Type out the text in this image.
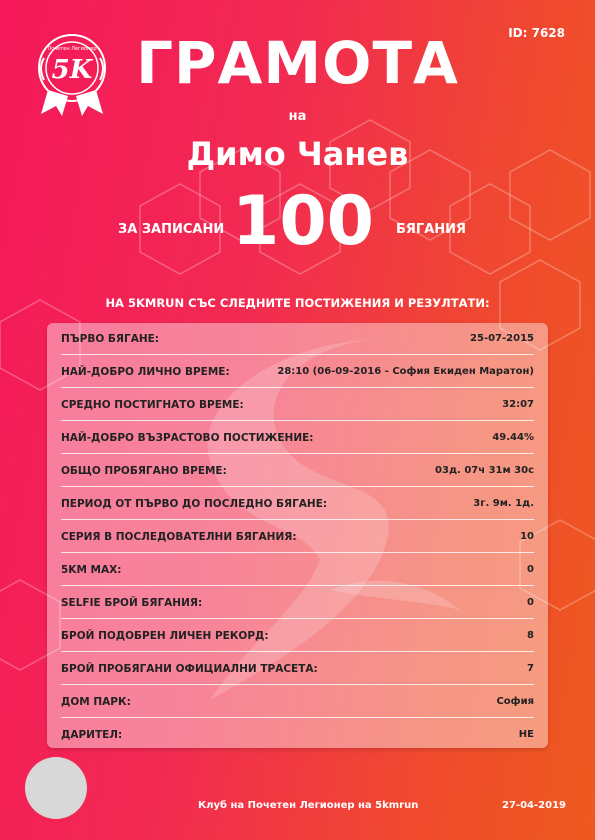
5K
Почетен Легионер
ID: 7628
ГРАМОТА
на
Димо Чанев
ЗА ЗАПИСАНИ 100	БЯГАНИЯ
НА 5KMRUN СЪС СЛЕДНИТЕ ПОСТИЖЕНИЯ И РЕЗУЛТАТИ:
ПЪРВО БЯГАНЕ:	25-07-2015
НАЙ-ДОБРО ЛИЧНО ВРЕМЕ:	28:10 (06-09-2016 - София Екиден Маратон)
СРЕДНО ПОСТИГНАТО ВРЕМЕ:	32:07
НАЙ-ДОБРО ВЪЗРАСТОВО ПОСТИЖЕНИЕ:	49.44%
ОБЩО ПРОБЯГАНО ВРЕМЕ:	03д. 07ч 31м 30с
ПЕРИОД ОТ ПЪРВО ДО ПОСЛЕДНО БЯГАНЕ:	3г. 9м. 1д.
СЕРИЯ В ПОСЛЕДОВАТЕЛНИ БЯГАНИЯ:	10
5KM MAX:	0
SELFIE БРОЙ БЯГАНИЯ:	0
БРОЙ ПОДОБРЕН ЛИЧЕН РЕКОРД:	8
БРОЙ ПРОБЯГАНИ ОФИЦИАЛНИ ТРАСЕТА:	7
ДОМ ПАРК:	София
ДАРИТЕЛ:	НЕ
Клуб на Почетен Легионер на 5kmrun	27-04-2019
